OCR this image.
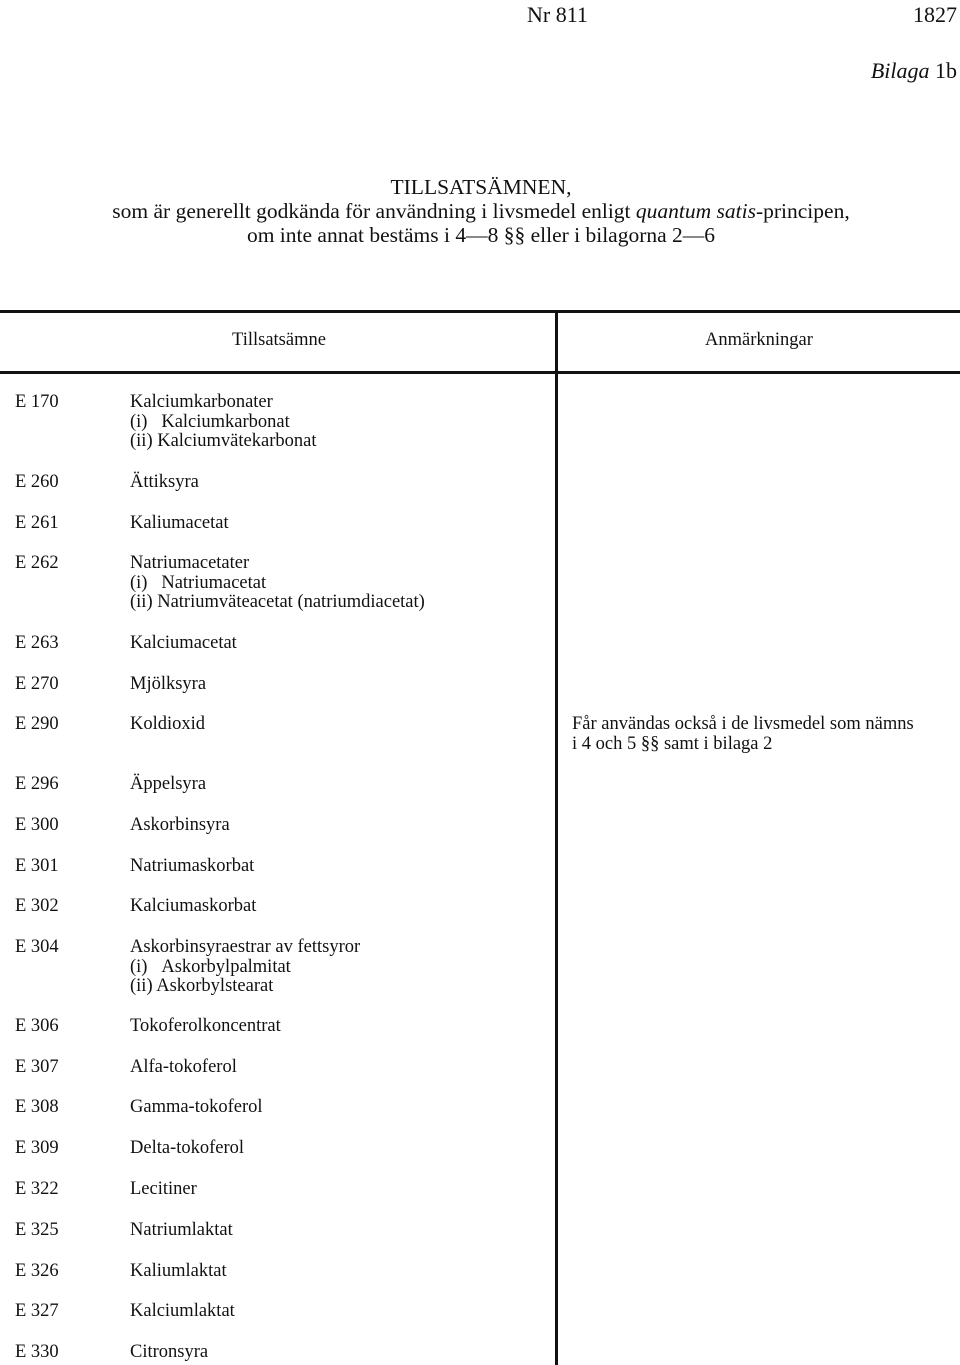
Nr 811	1827
Bilaga 1b
TILLSATSÄMNEN,
som är generellt godkända för användning i livsmedel enligt quantum satis-principen,
om inte annat bestäms i 4—8 §§ eller i bilagorna 2—6
Tillsatsämne	Anmärkningar
E 170	Kalciumkarbonater
(i)   Kalciumkarbonat
(ii) Kalciumvätekarbonat
E 260	Ättiksyra
E 261	Kaliumacetat
E 262	Natriumacetater
(i)   Natriumacetat
(ii) Natriumväteacetat (natriumdiacetat)
E 263	Kalciumacetat
E 270	Mjölksyra
E 290	Koldioxid	Får användas också i de livsmedel som nämns
i 4 och 5 §§ samt i bilaga 2
E 296	Äppelsyra
E 300	Askorbinsyra
E 301	Natriumaskorbat
E 302	Kalciumaskorbat
E 304	Askorbinsyraestrar av fettsyror
(i)   Askorbylpalmitat
(ii) Askorbylstearat
E 306	Tokoferolkoncentrat
E 307	Alfa-tokoferol
E 308	Gamma-tokoferol
E 309	Delta-tokoferol
E 322	Lecitiner
E 325	Natriumlaktat
E 326	Kaliumlaktat
E 327	Kalciumlaktat
E 330	Citronsyra
